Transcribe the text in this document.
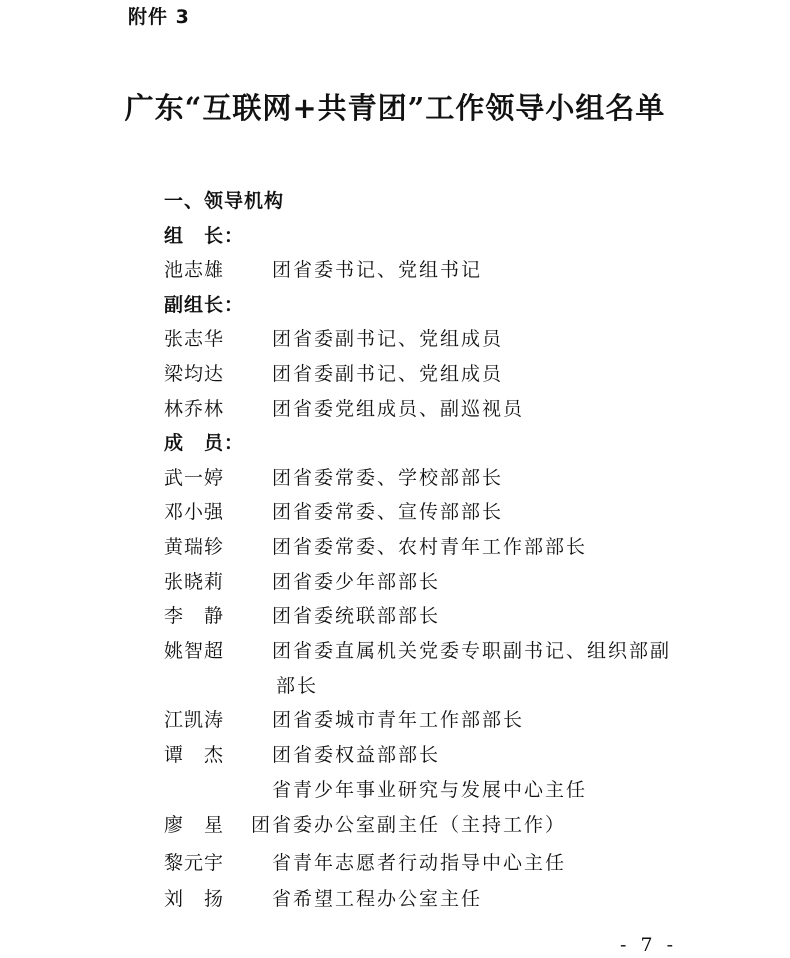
附件 3
广东“互联网+共青团”工作领导小组名单
一、领导机构
组　长：
池志雄	团省委书记、党组书记
副组长：
张志华	团省委副书记、党组成员
梁均达	团省委副书记、党组成员
林乔林	团省委党组成员、副巡视员
成　员：
武一婷	团省委常委、学校部部长
邓小强	团省委常委、宣传部部长
黄瑞轸	团省委常委、农村青年工作部部长
张晓莉	团省委少年部部长
李　静	团省委统联部部长
姚智超	团省委直属机关党委专职副书记、组织部副
部长
江凯涛	团省委城市青年工作部部长
谭　杰	团省委权益部部长
省青少年事业研究与发展中心主任
廖　星 团省委办公室副主任（主持工作）
黎元宇	省青年志愿者行动指导中心主任
刘　扬	省希望工程办公室主任
- 7 -
